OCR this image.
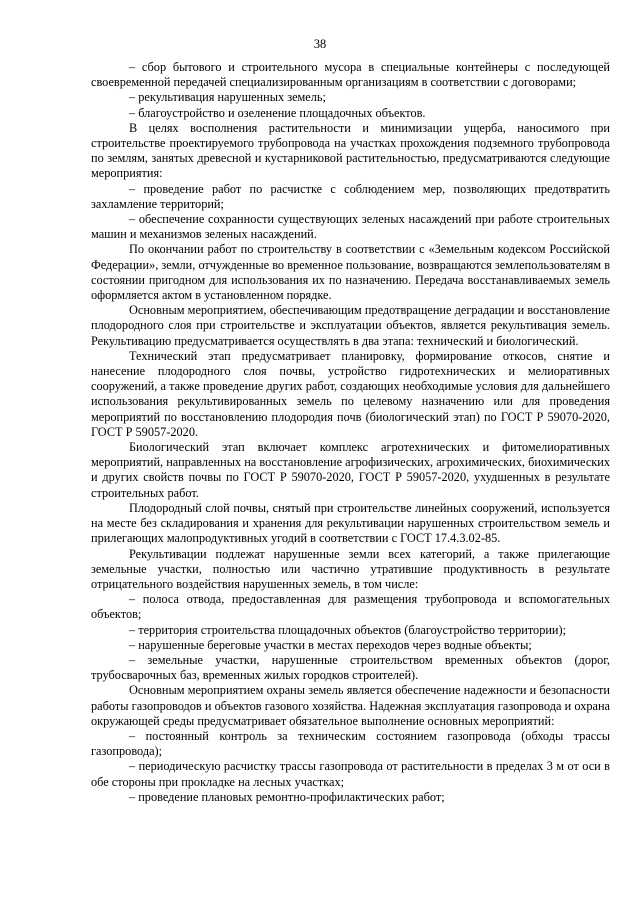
38

– сбор бытового и строительного мусора в специальные контейнеры с последующей своевременной передачей специализированным организациям в соответствии с договорами;

– рекультивация нарушенных земель;

– благоустройство и озеленение площадочных объектов.

В целях восполнения растительности и минимизации ущерба, наносимого при строительстве проектируемого трубопровода на участках прохождения подземного трубопровода по землям, занятых древесной и кустарниковой растительностью, предусматриваются следующие мероприятия:

– проведение работ по расчистке с соблюдением мер, позволяющих предотвратить захламление территорий;

– обеспечение сохранности существующих зеленых насаждений при работе строительных машин и механизмов зеленых насаждений.

По окончании работ по строительству в соответствии с «Земельным кодексом Российской Федерации», земли, отчужденные во временное пользование, возвращаются землепользователям в состоянии пригодном для использования их по назначению. Передача восстанавливаемых земель оформляется актом в установленном порядке.

Основным мероприятием, обеспечивающим предотвращение деградации и восстановление плодородного слоя при строительстве и эксплуатации объектов, является рекультивация земель. Рекультивацию предусматривается осуществлять в два этапа: технический и биологический.

Технический этап предусматривает планировку, формирование откосов, снятие и нанесение плодородного слоя почвы, устройство гидротехнических и мелиоративных сооружений, а также проведение других работ, создающих необходимые условия для дальнейшего использования рекультивированных земель по целевому назначению или для проведения мероприятий по восстановлению плодородия почв (биологический этап) по ГОСТ Р 59070-2020, ГОСТ Р 59057-2020.

Биологический этап включает комплекс агротехнических и фитомелиоративных мероприятий, направленных на восстановление агрофизических, агрохимических, биохимических и других свойств почвы по ГОСТ Р 59070-2020, ГОСТ Р 59057-2020, ухудшенных в результате строительных работ.

Плодородный слой почвы, снятый при строительстве линейных сооружений, используется на месте без складирования и хранения для рекультивации нарушенных строительством земель и прилегающих малопродуктивных угодий в соответствии с ГОСТ 17.4.3.02-85.

Рекультивации подлежат нарушенные земли всех категорий, а также прилегающие земельные участки, полностью или частично утратившие продуктивность в результате отрицательного воздействия нарушенных земель, в том числе:

– полоса отвода, предоставленная для размещения трубопровода и вспомогательных объектов;

– территория строительства площадочных объектов (благоустройство территории);

– нарушенные береговые участки в местах переходов через водные объекты;

– земельные участки, нарушенные строительством временных объектов (дорог, трубосварочных баз, временных жилых городков строителей).

Основным мероприятием охраны земель является обеспечение надежности и безопасности работы газопроводов и объектов газового хозяйства. Надежная эксплуатация газопровода и охрана окружающей среды предусматривает обязательное выполнение основных мероприятий:

– постоянный контроль за техническим состоянием газопровода (обходы трассы газопровода);

– периодическую расчистку трассы газопровода от растительности в пределах 3 м от оси в обе стороны при прокладке на лесных участках;

– проведение плановых ремонтно-профилактических работ;
